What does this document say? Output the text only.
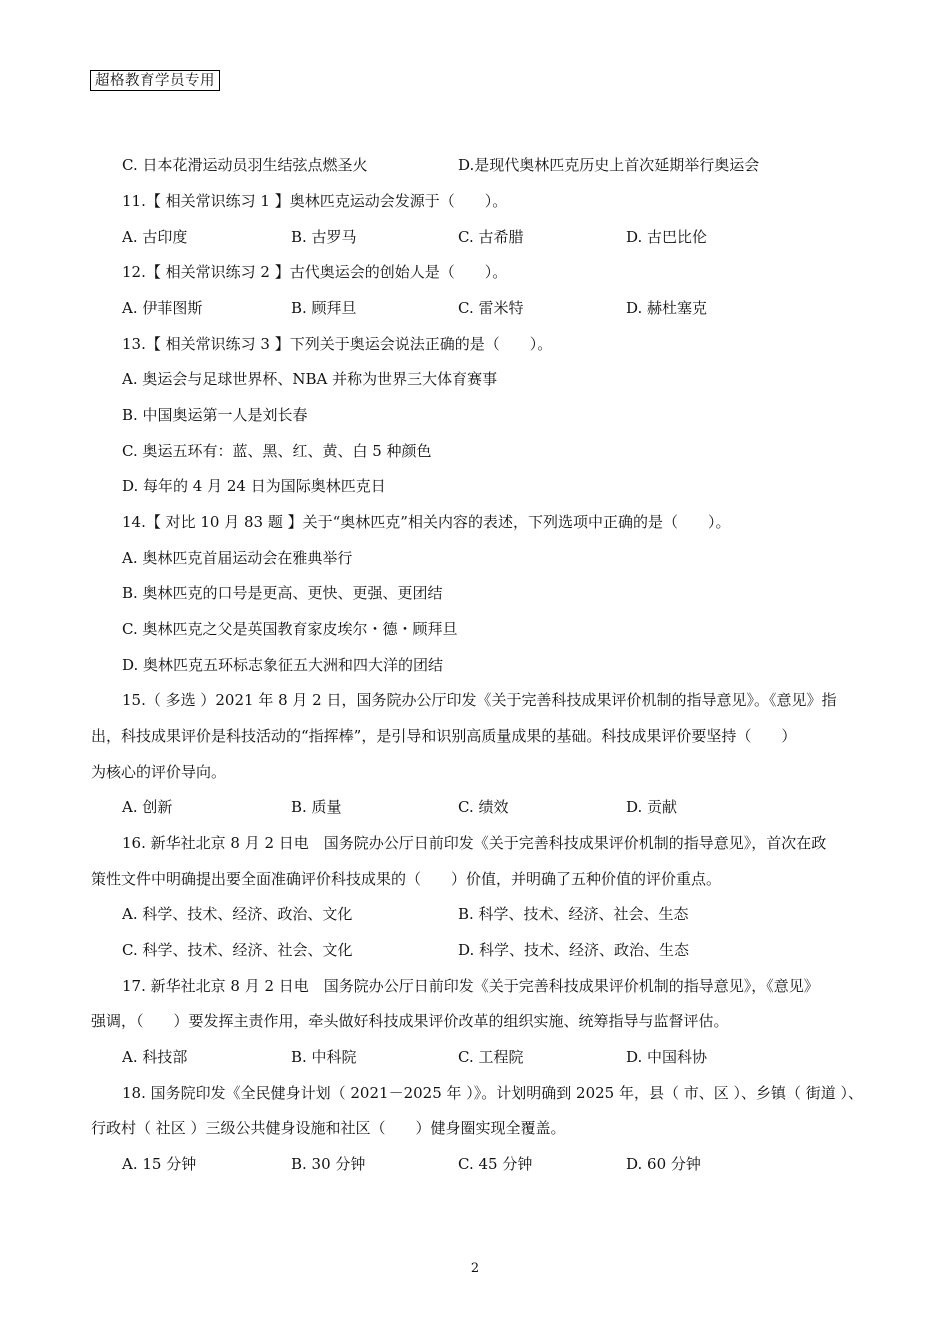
超格教育学员专用
C. 日本花滑运动员羽生结弦点燃圣火	D.是现代奥林匹克历史上首次延期举行奥运会
11.【 相关常识练习 1 】奥林匹克运动会发源于（　　）。
A. 古印度	B. 古罗马	C. 古希腊	D. 古巴比伦
12.【 相关常识练习 2 】古代奥运会的创始人是（　　）。
A. 伊菲图斯	B. 顾拜旦	C. 雷米特	D. 赫杜塞克
13.【 相关常识练习 3 】下列关于奥运会说法正确的是（　　）。
A. 奥运会与足球世界杯、NBA 并称为世界三大体育赛事
B. 中国奥运第一人是刘长春
C. 奥运五环有：蓝、黑、红、黄、白 5 种颜色
D. 每年的 4 月 24 日为国际奥林匹克日
14.【 对比 10 月 83 题 】关于“奥林匹克”相关内容的表述，下列选项中正确的是（　　）。
A. 奥林匹克首届运动会在雅典举行
B. 奥林匹克的口号是更高、更快、更强、更团结
C. 奥林匹克之父是英国教育家皮埃尔・德・顾拜旦
D. 奥林匹克五环标志象征五大洲和四大洋的团结
15.（ 多选 ）2021 年 8 月 2 日，国务院办公厅印发《关于完善科技成果评价机制的指导意见》。《意见》指
出，科技成果评价是科技活动的“指挥棒”，是引导和识别高质量成果的基础。科技成果评价要坚持（　　）
为核心的评价导向。
A. 创新	B. 质量	C. 绩效	D. 贡献
16. 新华社北京 8 月 2 日电　国务院办公厅日前印发《关于完善科技成果评价机制的指导意见》，首次在政
策性文件中明确提出要全面准确评价科技成果的（　　）价值，并明确了五种价值的评价重点。
A. 科学、技术、经济、政治、文化	B. 科学、技术、经济、社会、生态
C. 科学、技术、经济、社会、文化	D. 科学、技术、经济、政治、生态
17. 新华社北京 8 月 2 日电　国务院办公厅日前印发《关于完善科技成果评价机制的指导意见》，《意见》
强调，（　　）要发挥主责作用，牵头做好科技成果评价改革的组织实施、统筹指导与监督评估。
A. 科技部	B. 中科院	C. 工程院	D. 中国科协
18. 国务院印发《全民健身计划（ 2021－2025 年 ）》。计划明确到 2025 年，县（ 市、区 ）、乡镇（ 街道 ）、
行政村（ 社区 ）三级公共健身设施和社区（　　）健身圈实现全覆盖。
A. 15 分钟	B. 30 分钟	C. 45 分钟	D. 60 分钟
2
